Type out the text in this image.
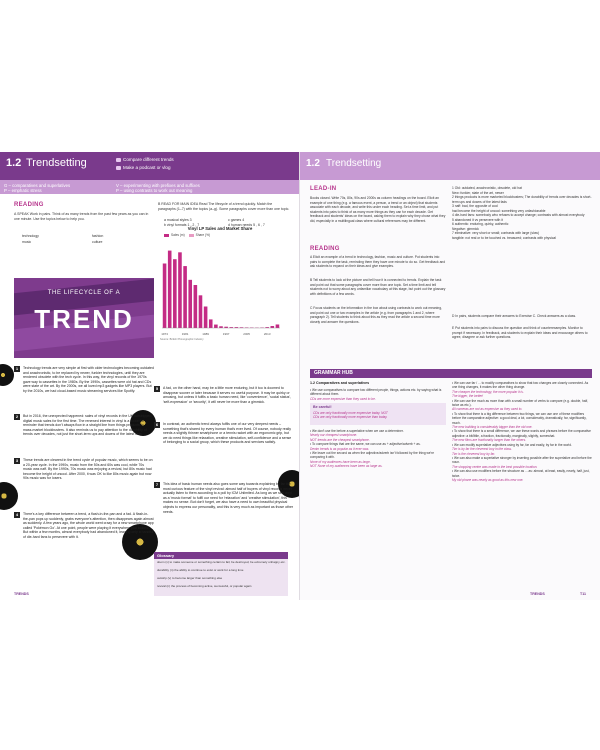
1.2 Trendsetting	Compare different trends
Make a podcast or vlog
G – comparatives and superlatives
P – emphatic stress
V – experimenting with prefixes and suffixes
P – using contrasts to work out meaning
READING
A SPEAK Work in pairs. Think of as many trends from the past few years as you can in one minute. Use the topics below to help you.
technology
music
fashion
culture
B READ FOR MAIN IDEA Read The lifecycle of a trend quickly. Match the paragraphs (1–7) with the topics (a–g). Some paragraphs cover more than one topic.
a musical styles 3
b vinyl formats 1 , 2 , 7
c games 4
d human needs 5 , 6 , 7
THE LIFECYCLE OF A
TREND
Vinyl LP Sales and Market Share
Sales (m)	Share (%)
1973	1981	1989	1997	2005	2013
Source: British Phonographic Industry
1	Technology trends are very simple at first with older technologies becoming outdated and anachronistic, to be replaced by newer, funkier technologies, until they are rendered obsolete with the tech cycle. In this way, the vinyl records of the 1970s gave way to cassettes in the 1980s. By the 1990s, cassettes were old hat and CDs were state of the art. By the 2000s, we all loved mp3 gadgets like MP3 players. But by the 2010s, we had cloud-based music streaming services like Spotify.
2	But in 2016, the unexpected happened: sales of vinyl records in the UK outstripped digital music sales for the first time. The renewed interest in vinyl is a powerful reminder that trends don't always flow in a straight line from things products to mass-market blockbusters. It also reminds us to pay attention to the durability of trends over decades, not just the short-term ups and downs of the latest fads.
3	These trends are clearest in the trend cycle of popular music, which seems to be on a 20-year cycle. In the 1990s, music from the 50s and 60s was cool, while 70s music was naff. By the 1990s, 70s music was enjoying a revival, but 80s music had become the height of uncool. After 2000, it was OK to like 80s music again but now 90s music was for losers.
4	There's a key difference between a trend, a flash-in-the-pan and a fad. A flash-in-the-pan pops up suddenly, grabs everyone's attention, then disappears again almost as suddenly. A few years ago, the whole world went crazy for a new smartphone app called 'Pokémon Go'. At one point, people were playing it everywhere you looked. But within a few months, almost everybody had abandoned it, leaving only a handful of die-hard fans to persevere with it.
5	A fad, on the other hand, may be a little more enduring, but it too is doomed to disappear sooner or later because it serves no useful purpose. It may be quirky or amusing, but unless it fulfils a basic human need, like 'convenience', 'social status', 'self-expression' or 'security', it will never be more than a gimmick.
6	In contrast, an authentic trend always fulfils one of our very deepest needs – something that's shared by every human that's ever lived. Of course, nobody really needs a slightly thinner smartphone or a tennis racket with an ergonomic grip, but we do need things like relaxation, creative stimulation, self-confidence and a sense of belonging to a social group, which these products and services satisfy.
7	This idea of basic human needs also goes some way towards explaining by far the most curious feature of the vinyl revival: almost half of buyers of vinyl records never actually listen to them according to a poll by ICM Unlimited. As long as we see vinyl as a 'music format' to fulfil our need for 'relaxation' and 'creative stimulation', this makes no sense. But don't forget, we also have a need to own beautiful physical objects to express our personality, and this is very much as important as those other needs.
Glossary
doom (v) to make someone or something certain to fail, be destroyed, be extremely unhappy etc.
durability (n) the ability to continue to exist or work for a long time
outstrip (v) to become larger than something else
revival (n) the process of becoming active, successful, or popular again
TRENDS
1.2 Trendsetting
LEAD-IN
Books closed. Write 70s, 80s, 90s and 2000s as column headings on the board. Elicit an example of one thing (e.g. a famous event, a person, a trend or an object) that students associate with each decade, and write this under each heading. Set a time limit, and put students into pairs to think of as many more things as they can for each decade. Get feedback and students' ideas on the board, asking them to explain why they chose what they did, especially in a multilingual class where cultural references may be different.
READING
A Elicit an example of a trend in technology, fashion, music and culture. Put students into pairs to complete the task, reminding them they have one minute to do so. Get feedback and ask students to expand on their ideas and give examples.
B Tell students to look at the picture and tell how it is connected to trends. Explain the task and point out that some paragraphs cover more than one topic. Set a time limit and tell students not to worry about any unfamiliar vocabulary at this stage, but point out the glossary with definitions of a few words.
C Focus students on the information in the box about using contrasts to work out meaning, and point out one or two examples in the article (e.g. from paragraphs 1 and 2, where paragraph 2). Tell students to think about this as they read the article a second time more closely and answer the questions.
1 Old: outdated, anachronistic, obsolete, old hat
New: funkier, state of the art, newer
2 things products is more marketed blockbusters; The durability of trends over decades is short-term ups and downs of the latest fads
3 naff: bad, the opposite of cool
had become the height of uncool: something very unfashionable
4 die-hard fans: somebody who refuses to accept change; contrasts with almost everybody
5 abandoned it vs persevere with it
6 authentic: enduring, quirky, authentic
Negative: gimmick
7 eliminative: very short or small; contrasts with large (slow)
tangible: not real or to be touched vs. treasured; contrasts with physical
D In pairs, students compare their answers to Exercise C. Check answers as a class.
E Put students into pairs to discuss the question and think of counterexamples. Monitor to prompt if necessary. In feedback, ask students to explain their ideas and encourage others to agree, disagree or ask further questions.
GRAMMAR HUB
1.2 Comparatives and superlatives
• We use comparatives to compare two different people, things, actions etc. by saying what is different about them.
CDs are more expensive than they used to be.
Be careful!
CDs are only fractionally more expensive today. NOT
CDs are only fractionally more expensive than today.
• We don't use the before a superlative when we use a determiner.
Nearly our cheapest smartphone.
NOT trends are the cheapest smartphone.
• To compare things that are the same, we can use as + adjective/adverb + as.
Denim trends is as popular as it ever was.
• We leave out the second as when the adjective/adverb isn't followed by the thing we're comparing it with.
None of my audiences have been as large.
NOT None of my audiences have been as large as.
• We can use far / ... to modify comparatives to show that two changes are closely connected. As one thing changes, it makes the other thing change.
The cheaper the technology, the more popular it is.
The bigger, the better!
• We can use the much as more than with a small number of verbs to compare (e.g. double, half, twice as etc.).
All cameras are not as expensive as they used to.
• To show that there is a big difference between two things, we can use one of these modifiers before the comparative adjective: a good deal, a lot, considerably, dramatically, far, significantly, much.
The new building is considerably bigger than the old one.
• To show that there is a small difference, we use these words and phrases before the comparative adjective: a bit/little, a fraction, fractionally, marginally, slightly, somewhat.
The new films are fractionally longer than the others.
• We can modify superlative adjectives using by far, far and easily, by far in the world.
Tim is by far the cleverest boy in the class.
Tim is the cleverest boy by far.
• We can also make a superlative stronger by inserting possible after the superlative and before the noun.
The shopping centre was made in the best possible location.
• We can also use modifiers before the structure as ... as: almost, at least, easily, nearly, half, just, twice.
My old phone was nearly as good as this new one.
TRENDS	T11
